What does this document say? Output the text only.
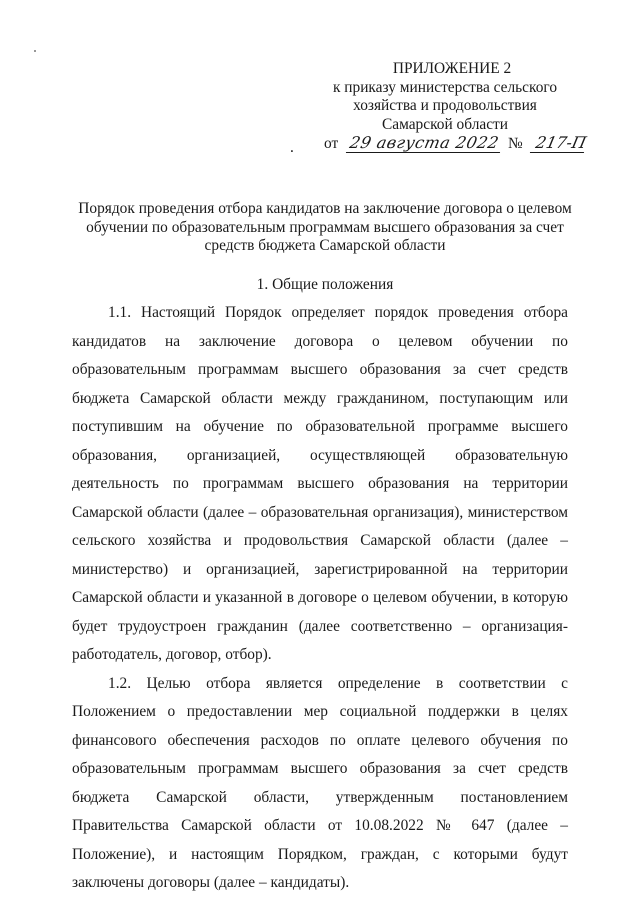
ПРИЛОЖЕНИЕ 2
к приказу министерства сельского
хозяйства и продовольствия
Самарской области
. от 29 августа 2022 № 217-П
Порядок проведения отбора кандидатов на заключение договора о целевом
обучении по образовательным программам высшего образования за счет
средств бюджета Самарской области
1. Общие положения
1.1. Настоящий Порядок определяет порядок проведения отбора
кандидатов на заключение договора о целевом обучении по
образовательным программам высшего образования за счет средств
бюджета Самарской области между гражданином, поступающим или
поступившим на обучение по образовательной программе высшего
образования, организацией, осуществляющей образовательную
деятельность по программам высшего образования на территории
Самарской области (далее – образовательная организация), министерством
сельского хозяйства и продовольствия Самарской области (далее –
министерство) и организацией, зарегистрированной на территории
Самарской области и указанной в договоре о целевом обучении, в которую
будет трудоустроен гражданин (далее соответственно – организация-
работодатель, договор, отбор).
1.2. Целью отбора является определение в соответствии с
Положением о предоставлении мер социальной поддержки в целях
финансового обеспечения расходов по оплате целевого обучения по
образовательным программам высшего образования за счет средств
бюджета Самарской области, утвержденным постановлением
Правительства Самарской области от 10.08.2022 № 647 (далее –
Положение), и настоящим Порядком, граждан, с которыми будут
заключены договоры (далее – кандидаты).
